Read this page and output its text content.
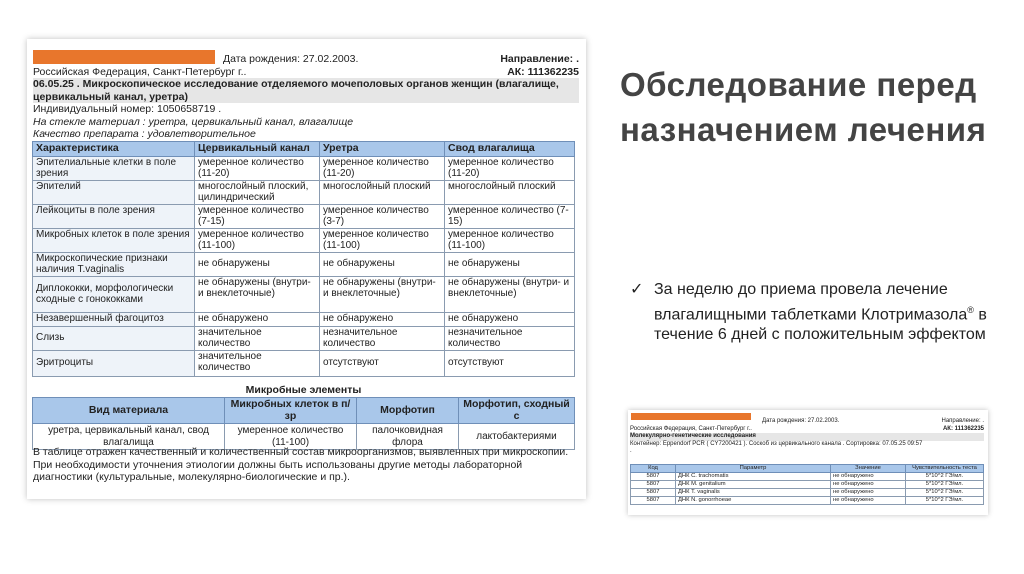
Дата рождения: 27.02.2003.	Направление: .
Российская Федерация, Санкт-Петербург г..	АК: 111362235
06.05.25 . Микроскопическое исследование отделяемого мочеполовых органов женщин (влагалище, цервикальный канал, уретра)
Индивидуальный номер: 1050658719 .
На стекле материал : уретра, цервикальный канал, влагалище
Качество препарата : удовлетворительное
Характеристика	Цервикальный канал	Уретра	Свод влагалища
Эпителиальные клетки в поле зрения	умеренное количество (11-20)	умеренное количество (11-20)	умеренное количество (11-20)
Эпителий	многослойный плоский, цилиндрический	многослойный плоский	многослойный плоский
Лейкоциты в поле зрения	умеренное количество (7-15)	умеренное количество (3-7)	умеренное количество (7-15)
Микробных клеток в поле зрения	умеренное количество (11-100)	умеренное количество (11-100)	умеренное количество (11-100)
Микроскопические признаки наличия T.vaginalis	не обнаружены	не обнаружены	не обнаружены
Диплококки, морфологически сходные с гонококками	не обнаружены (внутри- и внеклеточные)	не обнаружены (внутри- и внеклеточные)	не обнаружены (внутри- и внеклеточные)
Незавершенный фагоцитоз	не обнаружено	не обнаружено	не обнаружено
Слизь	значительное количество	незначительное количество	незначительное количество
Эритроциты	значительное количество	отсутствуют	отсутствуют
Микробные элементы
Вид материала	Микробных клеток в п/зр	Морфотип	Морфотип, сходный с
уретра, цервикальный канал, свод влагалища	умеренное количество (11-100)	палочковидная флора	лактобактериями
В таблице отражен качественный и количественный состав микроорганизмов, выявленных при микроскопии. При необходимости уточнения этиологии должны быть использованы другие методы лабораторной диагностики (культуральные, молекулярно-биологические и пр.).
Обследование перед назначением лечения
✓ За неделю до приема провела лечение влагалищными таблетками Клотримазола® в течение 6 дней с положительным эффектом
Дата рождения: 27.02.2003.	Направление: .
Российская Федерация, Санкт-Петербург г..	АК: 111362235
Молекулярно-генетические исследования
Контейнер: Eppendorf PCR ( CY7200421 ). Соскоб из цервикального канала . Сортировка: 07.05.25 09:57
.
Код	Параметр	Значение	Чувствительность теста
5807	ДНК C. trachomatis	не обнаружено	5*10^2 ГЭ/мл.
5807	ДНК M. genitalium	не обнаружено	5*10^2 ГЭ/мл.
5807	ДНК T. vaginalis	не обнаружено	5*10^2 ГЭ/мл.
5807	ДНК N. gonorrhoeae	не обнаружено	5*10^2 ГЭ/мл.
